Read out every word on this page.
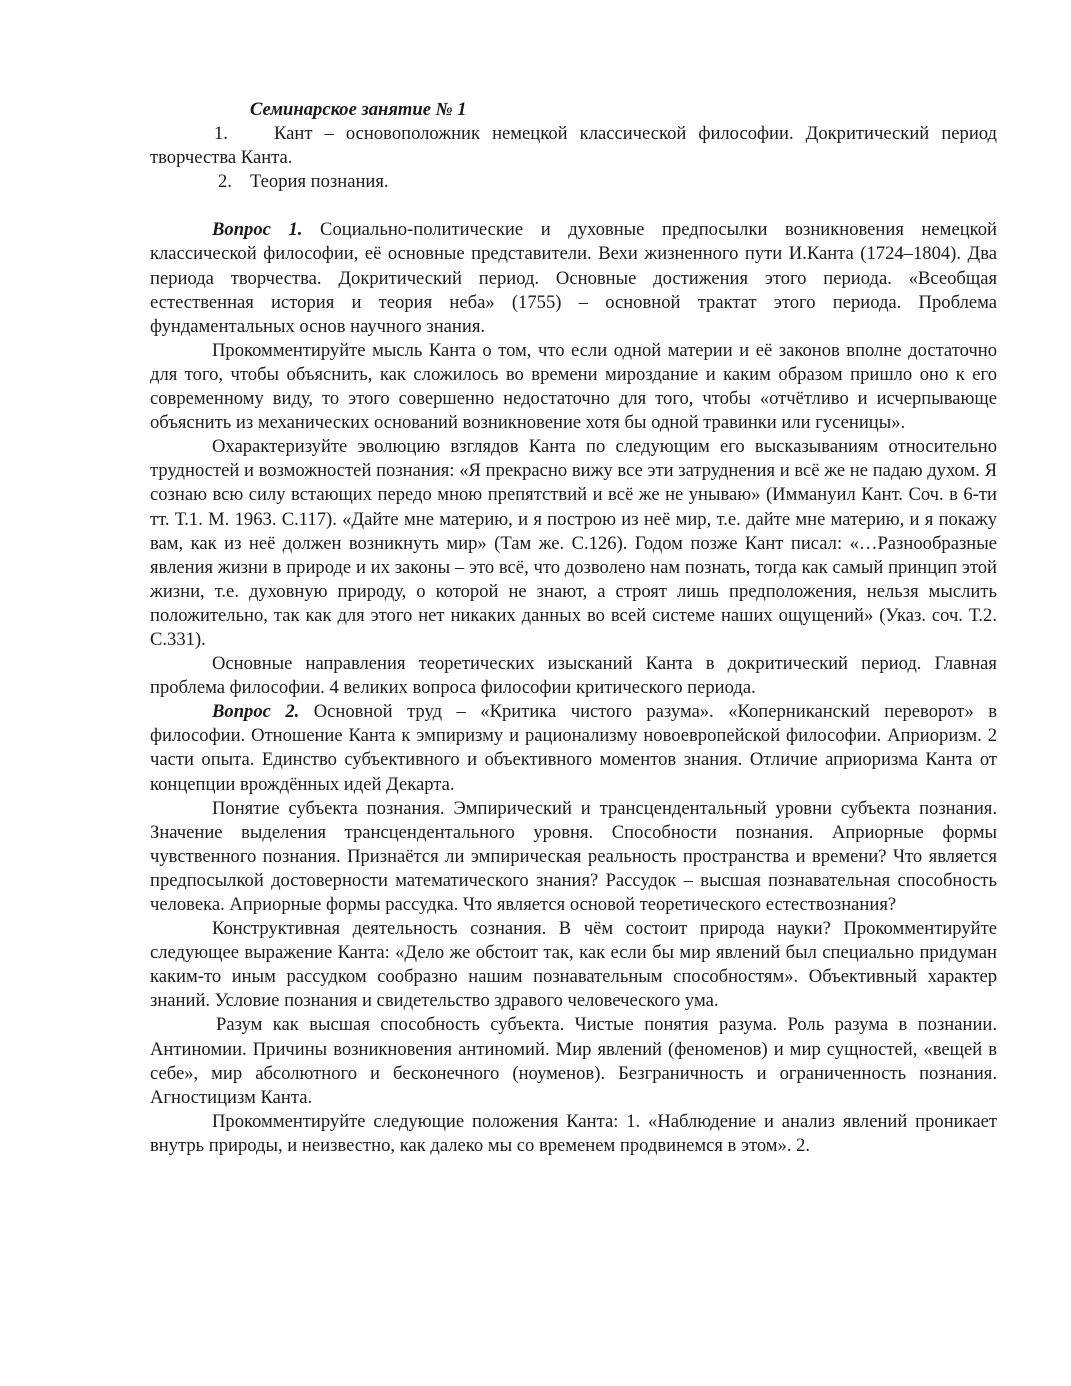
Семинарское занятие № 1

1. Кант – основоположник немецкой классической философии. Докритический период творчества Канта.

2. Теория познания.

Вопрос 1. Социально-политические и духовные предпосылки возникновения немецкой классической философии, её основные представители. Вехи жизненного пути И.Канта (1724–1804). Два периода творчества. Докритический период. Основные достижения этого периода. «Всеобщая естественная история и теория неба» (1755) – основной трактат этого периода. Проблема фундаментальных основ научного знания.

Прокомментируйте мысль Канта о том, что если одной материи и её законов вполне достаточно для того, чтобы объяснить, как сложилось во времени мироздание и каким образом пришло оно к его современному виду, то этого совершенно недостаточно для того, чтобы «отчётливо и исчерпывающе объяснить из механических оснований возникновение хотя бы одной травинки или гусеницы».

Охарактеризуйте эволюцию взглядов Канта по следующим его высказываниям относительно трудностей и возможностей познания: «Я прекрасно вижу все эти затруднения и всё же не падаю духом. Я сознаю всю силу встающих передо мною препятствий и всё же не унываю» (Иммануил Кант. Соч. в 6-ти тт. Т.1. М. 1963. С.117). «Дайте мне материю, и я построю из неё мир, т.е. дайте мне материю, и я покажу вам, как из неё должен возникнуть мир» (Там же. С.126). Годом позже Кант писал: «…Разнообразные явления жизни в природе и их законы – это всё, что дозволено нам познать, тогда как самый принцип этой жизни, т.е. духовную природу, о которой не знают, а строят лишь предположения, нельзя мыслить положительно, так как для этого нет никаких данных во всей системе наших ощущений» (Указ. соч. Т.2. С.331).

Основные направления теоретических изысканий Канта в докритический период. Главная проблема философии. 4 великих вопроса философии критического периода.

Вопрос 2. Основной труд – «Критика чистого разума». «Коперниканский переворот» в философии. Отношение Канта к эмпиризму и рационализму новоевропейской философии. Априоризм. 2 части опыта. Единство субъективного и объективного моментов знания. Отличие априоризма Канта от концепции врождённых идей Декарта.

Понятие субъекта познания. Эмпирический и трансцендентальный уровни субъекта познания. Значение выделения трансцендентального уровня. Способности познания. Априорные формы чувственного познания. Признаётся ли эмпирическая реальность пространства и времени? Что является предпосылкой достоверности математического знания? Рассудок – высшая познавательная способность человека. Априорные формы рассудка. Что является основой теоретического естествознания?

Конструктивная деятельность сознания. В чём состоит природа науки? Прокомментируйте следующее выражение Канта: «Дело же обстоит так, как если бы мир явлений был специально придуман каким-то иным рассудком сообразно нашим познавательным способностям». Объективный характер знаний. Условие познания и свидетельство здравого человеческого ума.

Разум как высшая способность субъекта. Чистые понятия разума. Роль разума в познании. Антиномии. Причины возникновения антиномий. Мир явлений (феноменов) и мир сущностей, «вещей в себе», мир абсолютного и бесконечного (ноуменов). Безграничность и ограниченность познания. Агностицизм Канта.

Прокомментируйте следующие положения Канта: 1. «Наблюдение и анализ явлений проникает внутрь природы, и неизвестно, как далеко мы со временем продвинемся в этом». 2.
